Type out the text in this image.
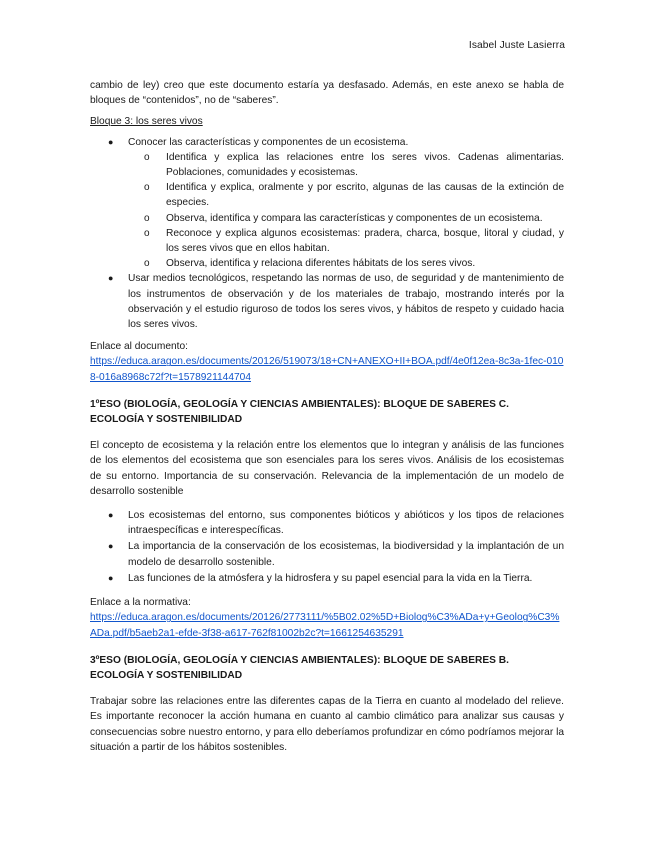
Isabel Juste Lasierra

cambio de ley) creo que este documento estaría ya desfasado. Además, en este anexo se habla de bloques de “contenidos”, no de “saberes”.

Bloque 3: los seres vivos

● Conocer las características y componentes de un ecosistema.
o Identifica y explica las relaciones entre los seres vivos. Cadenas alimentarias. Poblaciones, comunidades y ecosistemas.
o Identifica y explica, oralmente y por escrito, algunas de las causas de la extinción de especies.
o Observa, identifica y compara las características y componentes de un ecosistema.
o Reconoce y explica algunos ecosistemas: pradera, charca, bosque, litoral y ciudad, y los seres vivos que en ellos habitan.
o Observa, identifica y relaciona diferentes hábitats de los seres vivos.
● Usar medios tecnológicos, respetando las normas de uso, de seguridad y de mantenimiento de los instrumentos de observación y de los materiales de trabajo, mostrando interés por la observación y el estudio riguroso de todos los seres vivos, y hábitos de respeto y cuidado hacia los seres vivos.

Enlace al documento:

https://educa.aragon.es/documents/20126/519073/18+CN+ANEXO+II+BOA.pdf/4e0f12ea-8c3a-1fec-0108-016a8968c72f?t=1578921144704

1ºESO (BIOLOGÍA, GEOLOGÍA Y CIENCIAS AMBIENTALES): BLOQUE DE SABERES C. ECOLOGÍA Y SOSTENIBILIDAD

El concepto de ecosistema y la relación entre los elementos que lo integran y análisis de las funciones de los elementos del ecosistema que son esenciales para los seres vivos. Análisis de los ecosistemas de su entorno. Importancia de su conservación. Relevancia de la implementación de un modelo de desarrollo sostenible

● Los ecosistemas del entorno, sus componentes bióticos y abióticos y los tipos de relaciones intraespecíficas e interespecíficas.
● La importancia de la conservación de los ecosistemas, la biodiversidad y la implantación de un modelo de desarrollo sostenible.
● Las funciones de la atmósfera y la hidrosfera y su papel esencial para la vida en la Tierra.

Enlace a la normativa:

https://educa.aragon.es/documents/20126/2773111/%5B02.02%5D+Biolog%C3%ADa+y+Geolog%C3%ADa.pdf/b5aeb2a1-efde-3f38-a617-762f81002b2c?t=1661254635291

3ºESO (BIOLOGÍA, GEOLOGÍA Y CIENCIAS AMBIENTALES): BLOQUE DE SABERES B. ECOLOGÍA Y SOSTENIBILIDAD

Trabajar sobre las relaciones entre las diferentes capas de la Tierra en cuanto al modelado del relieve. Es importante reconocer la acción humana en cuanto al cambio climático para analizar sus causas y consecuencias sobre nuestro entorno, y para ello deberíamos profundizar en cómo podríamos mejorar la situación a partir de los hábitos sostenibles.
